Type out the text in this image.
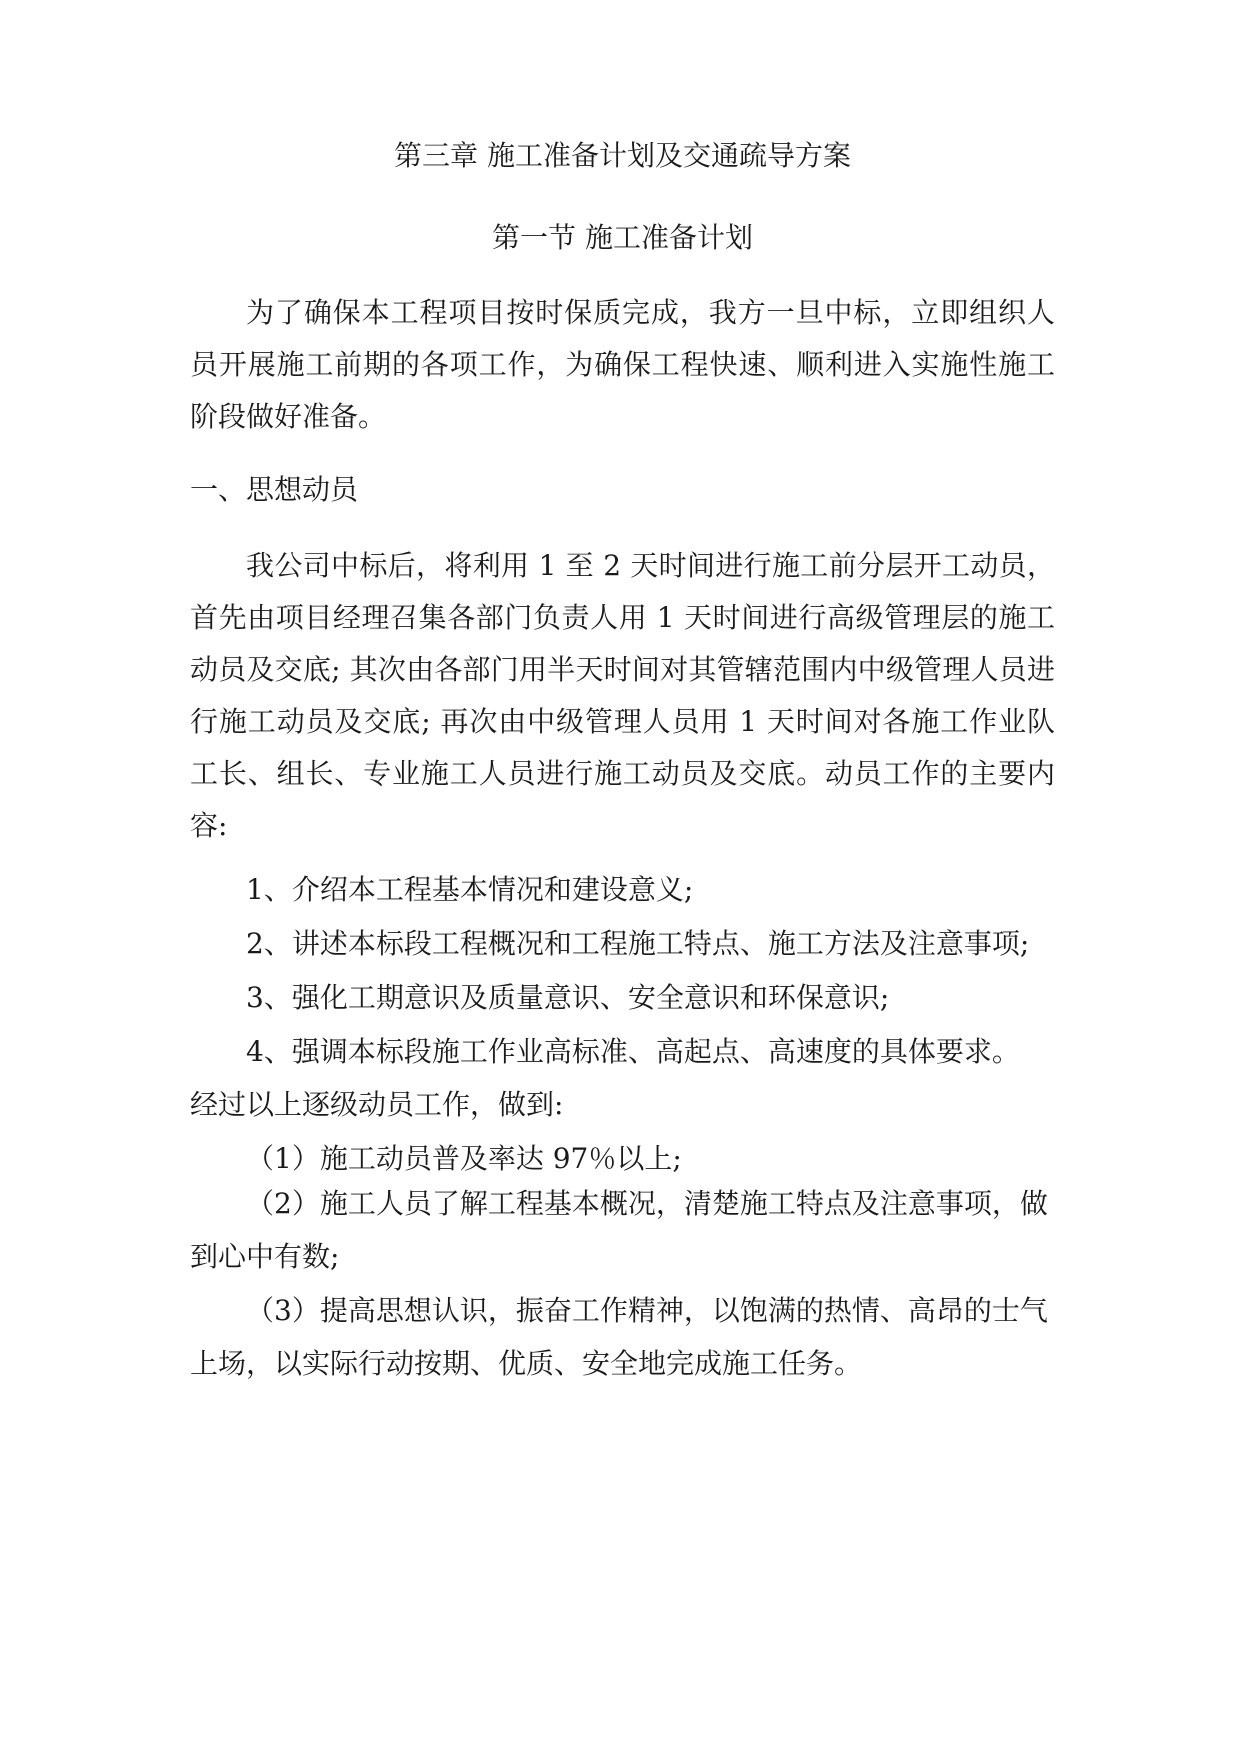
第三章 施工准备计划及交通疏导方案
第一节 施工准备计划

为了确保本工程项目按时保质完成，我方一旦中标，立即组织人员开展施工前期的各项工作，为确保工程快速、顺利进入实施性施工阶段做好准备。

一、思想动员

我公司中标后，将利用 1 至 2 天时间进行施工前分层开工动员，首先由项目经理召集各部门负责人用 1 天时间进行高级管理层的施工动员及交底; 其次由各部门用半天时间对其管辖范围内中级管理人员进行施工动员及交底; 再次由中级管理人员用 1 天时间对各施工作业队工长、组长、专业施工人员进行施工动员及交底。动员工作的主要内容:

1、介绍本工程基本情况和建设意义;

2、讲述本标段工程概况和工程施工特点、施工方法及注意事项;

3、强化工期意识及质量意识、安全意识和环保意识;

4、强调本标段施工作业高标准、高起点、高速度的具体要求。

经过以上逐级动员工作，做到:

（1）施工动员普及率达 97％以上;

（2）施工人员了解工程基本概况，清楚施工特点及注意事项，做到心中有数;

（3）提高思想认识，振奋工作精神，以饱满的热情、高昂的士气上场，以实际行动按期、优质、安全地完成施工任务。
